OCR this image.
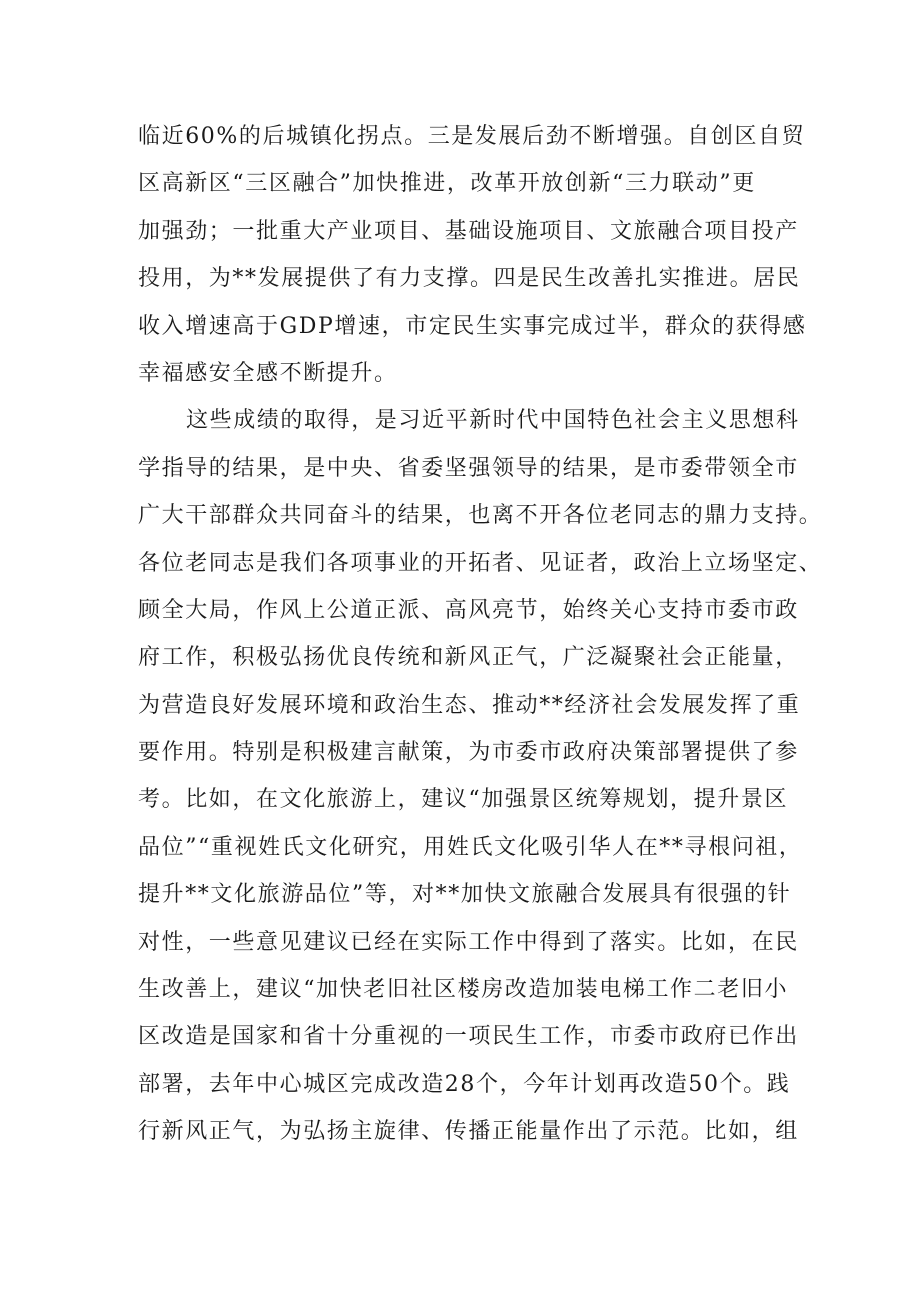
临近60%的后城镇化拐点。三是发展后劲不断增强。自创区自贸
区高新区“三区融合”加快推进，改革开放创新“三力联动”更
加强劲；一批重大产业项目、基础设施项目、文旅融合项目投产
投用，为**发展提供了有力支撑。四是民生改善扎实推进。居民
收入增速高于GDP增速，市定民生实事完成过半，群众的获得感
幸福感安全感不断提升。
这些成绩的取得，是习近平新时代中国特色社会主义思想科
学指导的结果，是中央、省委坚强领导的结果，是市委带领全市
广大干部群众共同奋斗的结果，也离不开各位老同志的鼎力支持。
各位老同志是我们各项事业的开拓者、见证者，政治上立场坚定、
顾全大局，作风上公道正派、高风亮节，始终关心支持市委市政
府工作，积极弘扬优良传统和新风正气，广泛凝聚社会正能量，
为营造良好发展环境和政治生态、推动**经济社会发展发挥了重
要作用。特别是积极建言献策，为市委市政府决策部署提供了参
考。比如，在文化旅游上，建议“加强景区统筹规划，提升景区
品位”“重视姓氏文化研究，用姓氏文化吸引华人在**寻根问祖，
提升**文化旅游品位”等，对**加快文旅融合发展具有很强的针
对性，一些意见建议已经在实际工作中得到了落实。比如，在民
生改善上，建议“加快老旧社区楼房改造加装电梯工作二老旧小
区改造是国家和省十分重视的一项民生工作，市委市政府已作出
部署，去年中心城区完成改造28个，今年计划再改造50个。践
行新风正气，为弘扬主旋律、传播正能量作出了示范。比如，组
